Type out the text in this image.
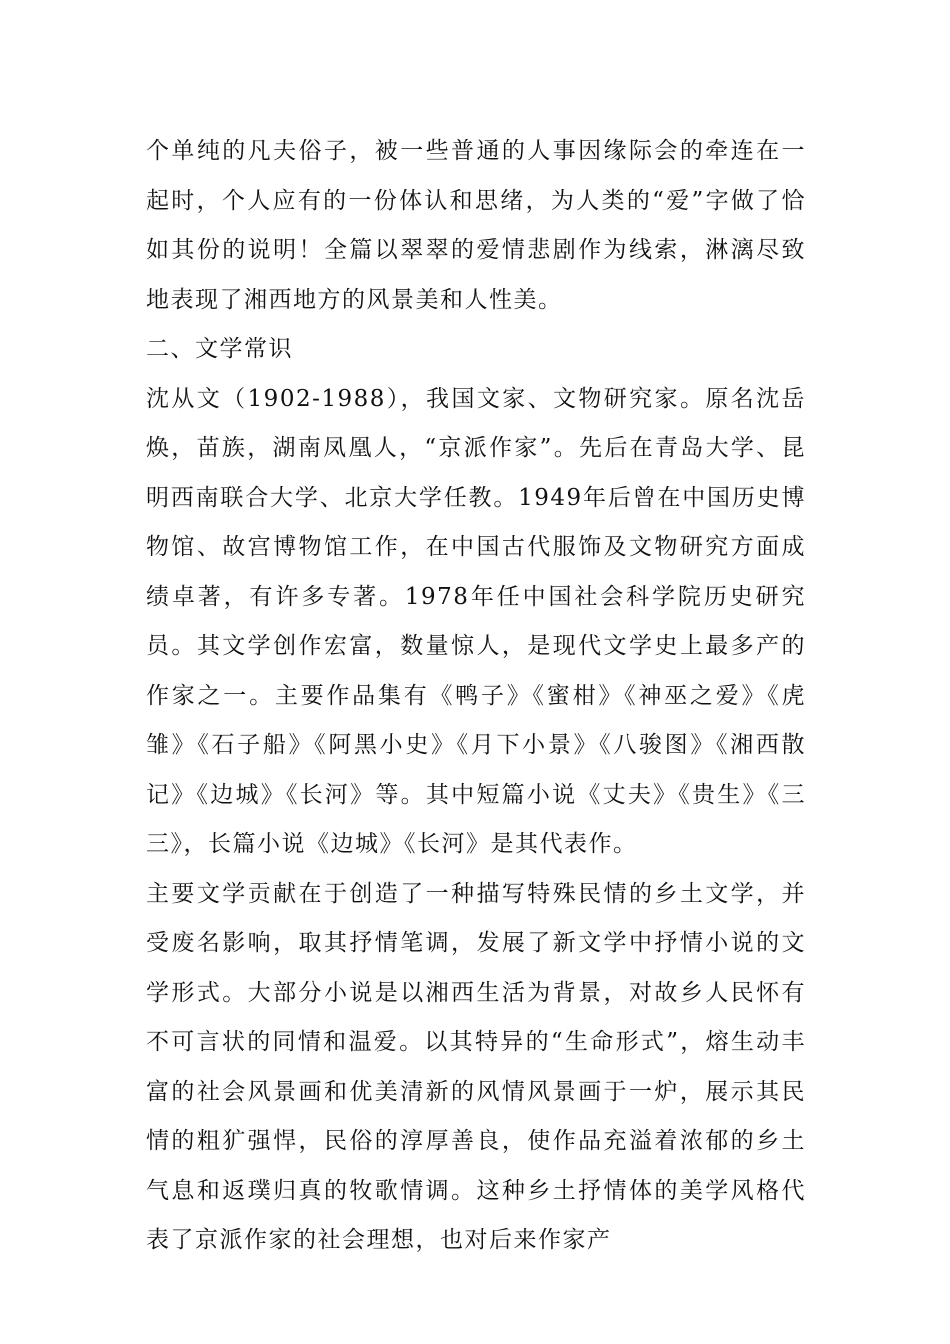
个单纯的凡夫俗子，被一些普通的人事因缘际会的牵连在一起时，个人应有的一份体认和思绪，为人类的“爱”字做了恰如其份的说明！全篇以翠翠的爱情悲剧作为线索，淋漓尽致地表现了湘西地方的风景美和人性美。

二、文学常识

沈从文（1902-1988），我国文家、文物研究家。原名沈岳焕，苗族，湖南凤凰人，“京派作家”。先后在青岛大学、昆明西南联合大学、北京大学任教。1949年后曾在中国历史博物馆、故宫博物馆工作，在中国古代服饰及文物研究方面成绩卓著，有许多专著。1978年任中国社会科学院历史研究员。其文学创作宏富，数量惊人，是现代文学史上最多产的作家之一。主要作品集有《鸭子》《蜜柑》《神巫之爱》《虎雏》《石子船》《阿黑小史》《月下小景》《八骏图》《湘西散记》《边城》《长河》等。其中短篇小说《丈夫》《贵生》《三三》，长篇小说《边城》《长河》是其代表作。

主要文学贡献在于创造了一种描写特殊民情的乡土文学，并受废名影响，取其抒情笔调，发展了新文学中抒情小说的文学形式。大部分小说是以湘西生活为背景，对故乡人民怀有不可言状的同情和温爱。以其特异的“生命形式”，熔生动丰富的社会风景画和优美清新的风情风景画于一炉，展示其民情的粗犷强悍，民俗的淳厚善良，使作品充溢着浓郁的乡土气息和返璞归真的牧歌情调。这种乡土抒情体的美学风格代表了京派作家的社会理想，也对后来作家产
